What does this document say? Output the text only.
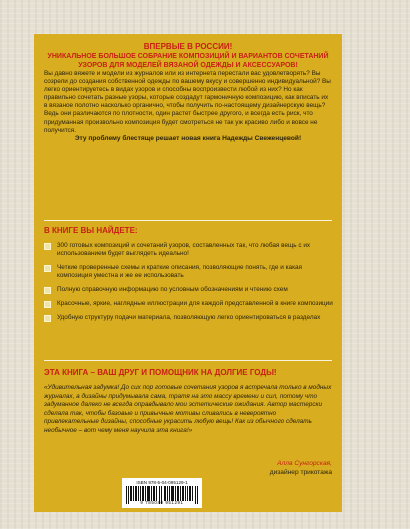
ВПЕРВЫЕ В РОССИИ!

УНИКАЛЬНОЕ БОЛЬШОЕ СОБРАНИЕ КОМПОЗИЦИЙ И ВАРИАНТОВ СОЧЕТАНИЙ УЗОРОВ ДЛЯ МОДЕЛЕЙ ВЯЗАНОЙ ОДЕЖДЫ И АКСЕССУАРОВ!

Вы давно вяжете и модели из журналов или из интернета перестали вас удовлетворять? Вы созрели до создания собственной одежды по вашему вкусу и совершенно индивидуальной? Вы легко ориентируетесь в видах узоров и способны воспроизвести любой из них? Но как правильно сочетать разные узоры, которые создадут гармоничную композицию, как вписать их в вязаное полотно насколько органично, чтобы получить по-настоящему дизайнерскую вещь? Ведь они различаются по плотности, один растет быстрее другого, и всегда есть риск, что придуманная произвольно композиция будет смотреться не так уж красиво либо и вовсе не получится.

Эту проблему блестяще решает новая книга Надежды Свеженцевой!

В КНИГЕ ВЫ НАЙДЕТЕ:

300 готовых композиций и сочетаний узоров, составленных так, что любая вещь с их использованием будет выглядеть идеально!
Четкие проверенные схемы и краткие описания, позволяющие понять, где и какая композиция уместна и же ее использовать
Полную справочную информацию по условным обозначениям и чтению схем
Красочные, яркие, наглядные иллюстрации для каждой представленной в книге композиции
Удобную структуру подачи материала, позволяющую легко ориентироваться в разделах

ЭТА КНИГА – ВАШ ДРУГ И ПОМОЩНИК НА ДОЛГИЕ ГОДЫ!

«Удивительная задумка! До сих пор готовые сочетания узоров я встречала только в модных журналах, а дизайны придумывала сама, тратя на это массу времени и сил, потому что задуманное далеко не всегда оправдывало мои эстетические ожидания. Автор мастерски сделала так, чтобы базовые и привычные мотивы сливались в невероятно привлекательные дизайны, способные украсить любую вещь! Как из обычного сделать необычное – вот чему меня научила эта книга!»

Алла Сунгорская,
дизайнер трикотажа
ISBN 978-5-04-095129-1
9 785040 951291
